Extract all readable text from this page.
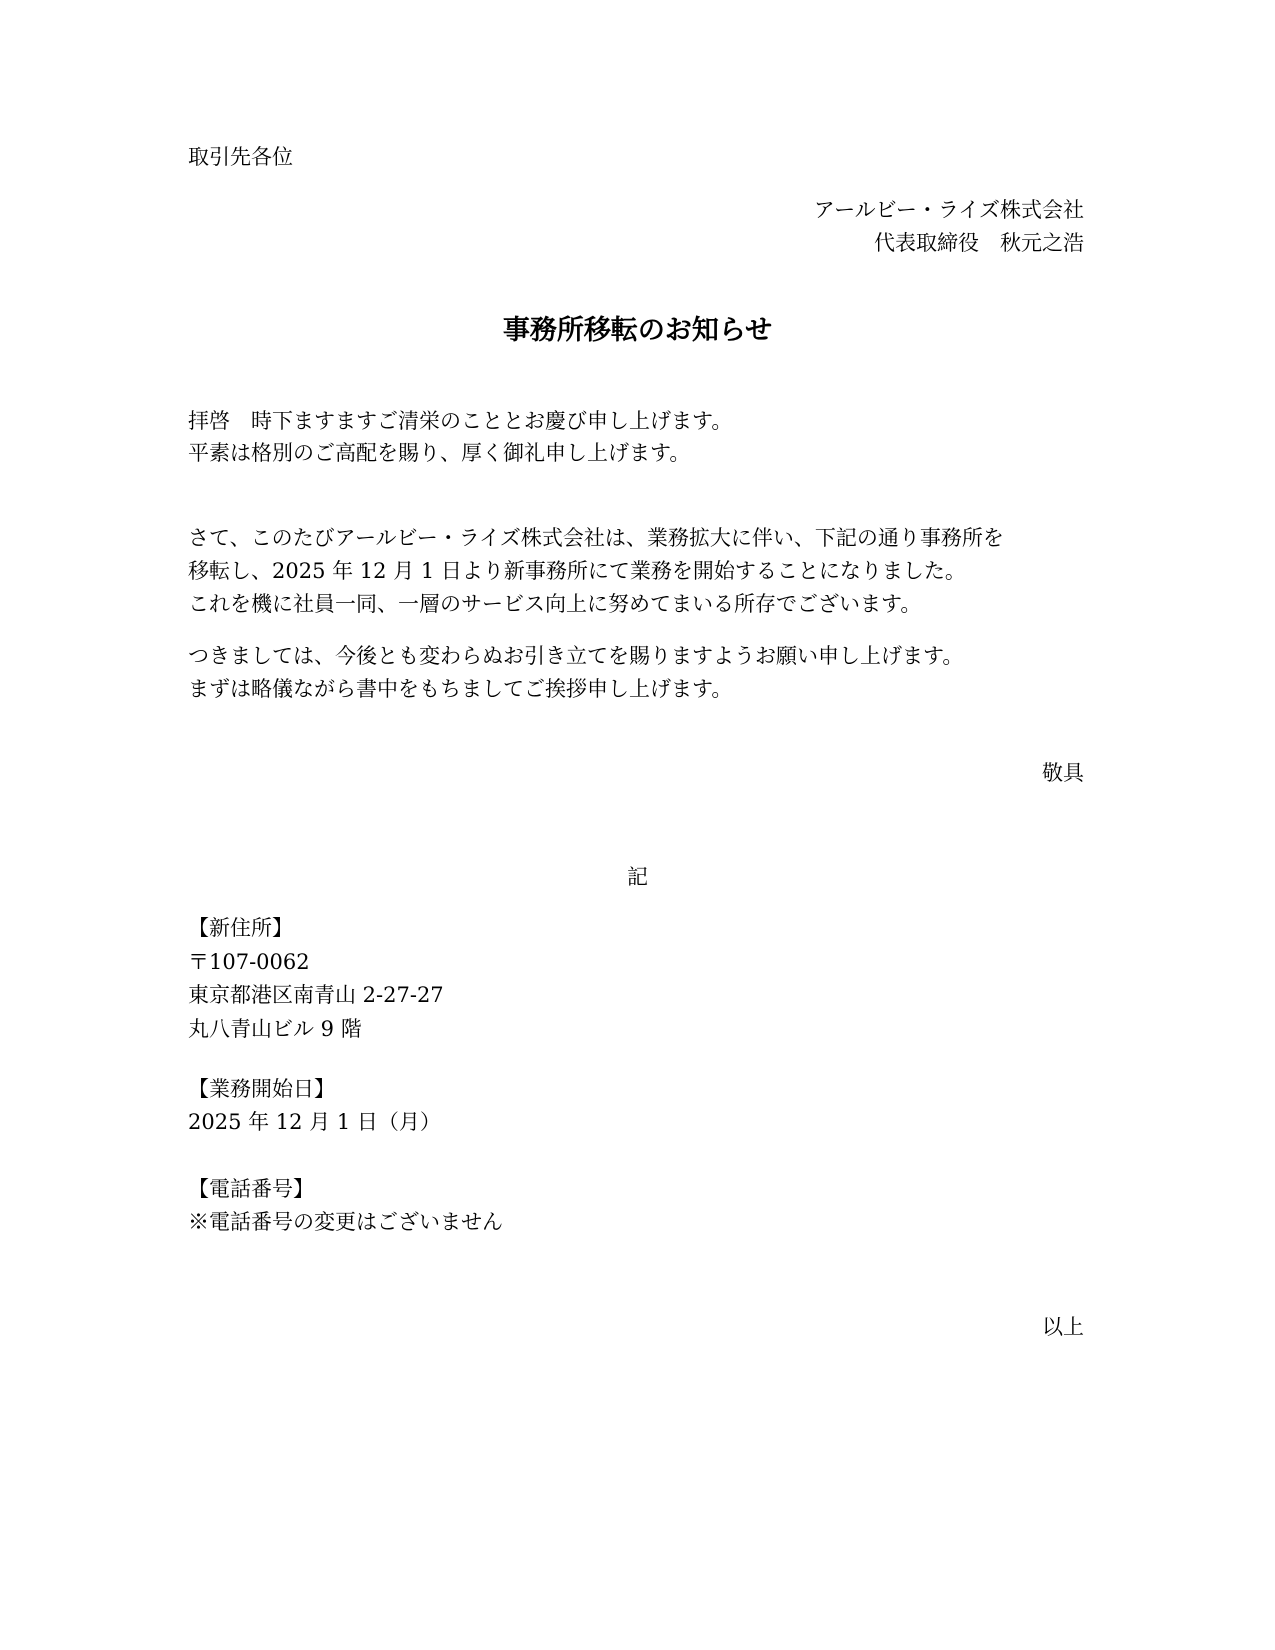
取引先各位
アールビー・ライズ株式会社
代表取締役　秋元之浩
事務所移転のお知らせ
拝啓　時下ますますご清栄のこととお慶び申し上げます。
平素は格別のご高配を賜り、厚く御礼申し上げます。
さて、このたびアールビー・ライズ株式会社は、業務拡大に伴い、下記の通り事務所を
移転し、2025 年 12 月 1 日より新事務所にて業務を開始することになりました。
これを機に社員一同、一層のサービス向上に努めてまいる所存でございます。
つきましては、今後とも変わらぬお引き立てを賜りますようお願い申し上げます。
まずは略儀ながら書中をもちましてご挨拶申し上げます。
敬具
記
【新住所】
〒107-0062
東京都港区南青山 2-27-27
丸八青山ビル 9 階
【業務開始日】
2025 年 12 月 1 日（月）
【電話番号】
※電話番号の変更はございません
以上
